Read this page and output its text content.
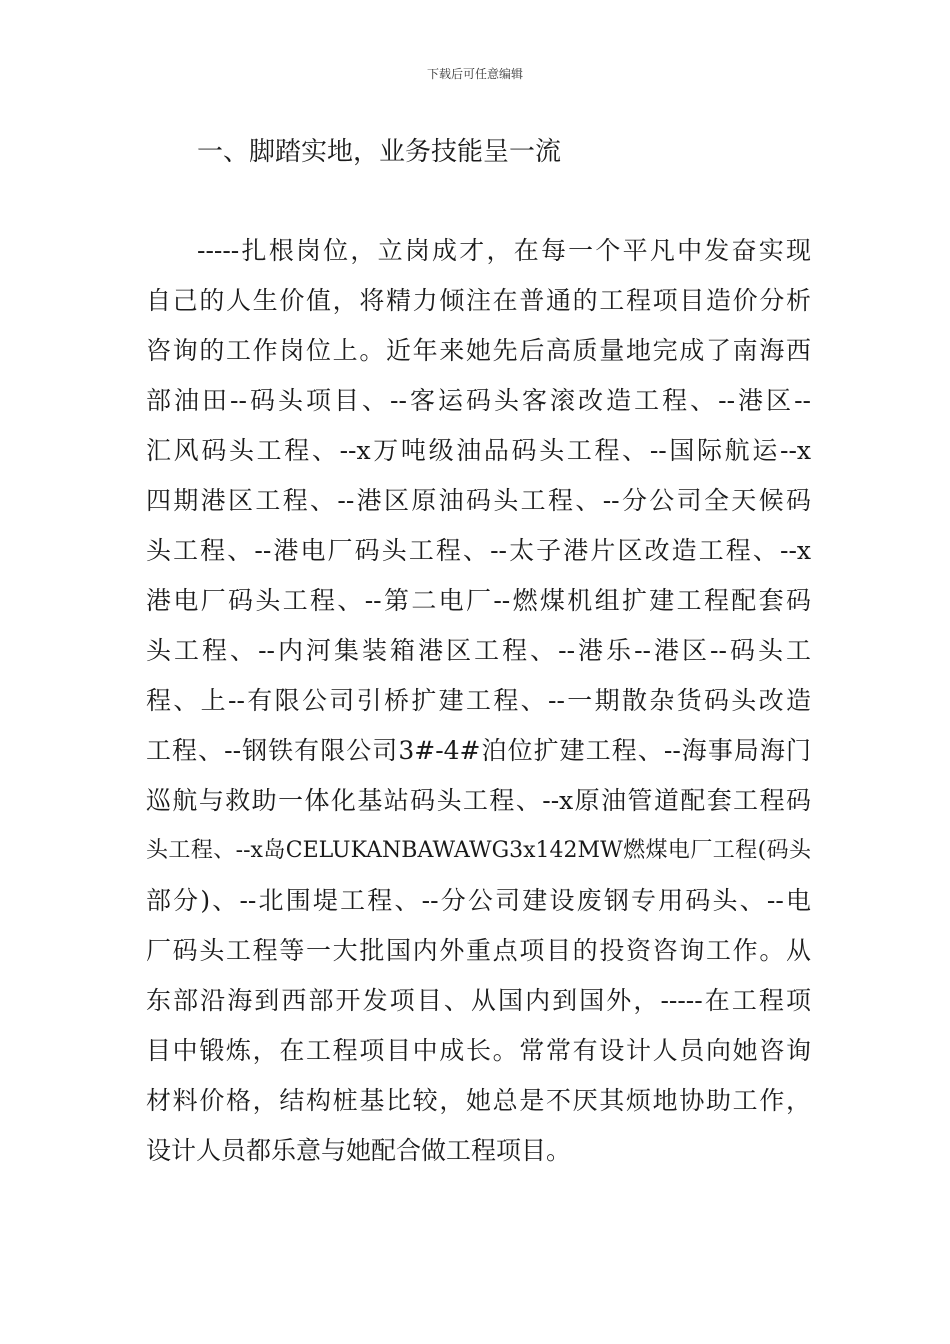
下载后可任意编辑
一、脚踏实地，业务技能呈一流
-----扎根岗位，立岗成才，在每一个平凡中发奋实现
自己的人生价值，将精力倾注在普通的工程项目造价分析
咨询的工作岗位上。近年来她先后高质量地完成了南海西
部油田--码头项目、--客运码头客滚改造工程、--港区--
汇风码头工程、--x万吨级油品码头工程、--国际航运--x
四期港区工程、--港区原油码头工程、--分公司全天候码
头工程、--港电厂码头工程、--太子港片区改造工程、--x
港电厂码头工程、--第二电厂--燃煤机组扩建工程配套码
头工程、--内河集装箱港区工程、--港乐--港区--码头工
程、上--有限公司引桥扩建工程、--一期散杂货码头改造
工程、--钢铁有限公司3#-4#泊位扩建工程、--海事局海门
巡航与救助一体化基站码头工程、--x原油管道配套工程码
头工程、--x岛CELUKANBAWAWG3x142MW燃煤电厂工程(码头
部分)、--北围堤工程、--分公司建设废钢专用码头、--电
厂码头工程等一大批国内外重点项目的投资咨询工作。从
东部沿海到西部开发项目、从国内到国外，-----在工程项
目中锻炼，在工程项目中成长。常常有设计人员向她咨询
材料价格，结构桩基比较，她总是不厌其烦地协助工作，
设计人员都乐意与她配合做工程项目。
